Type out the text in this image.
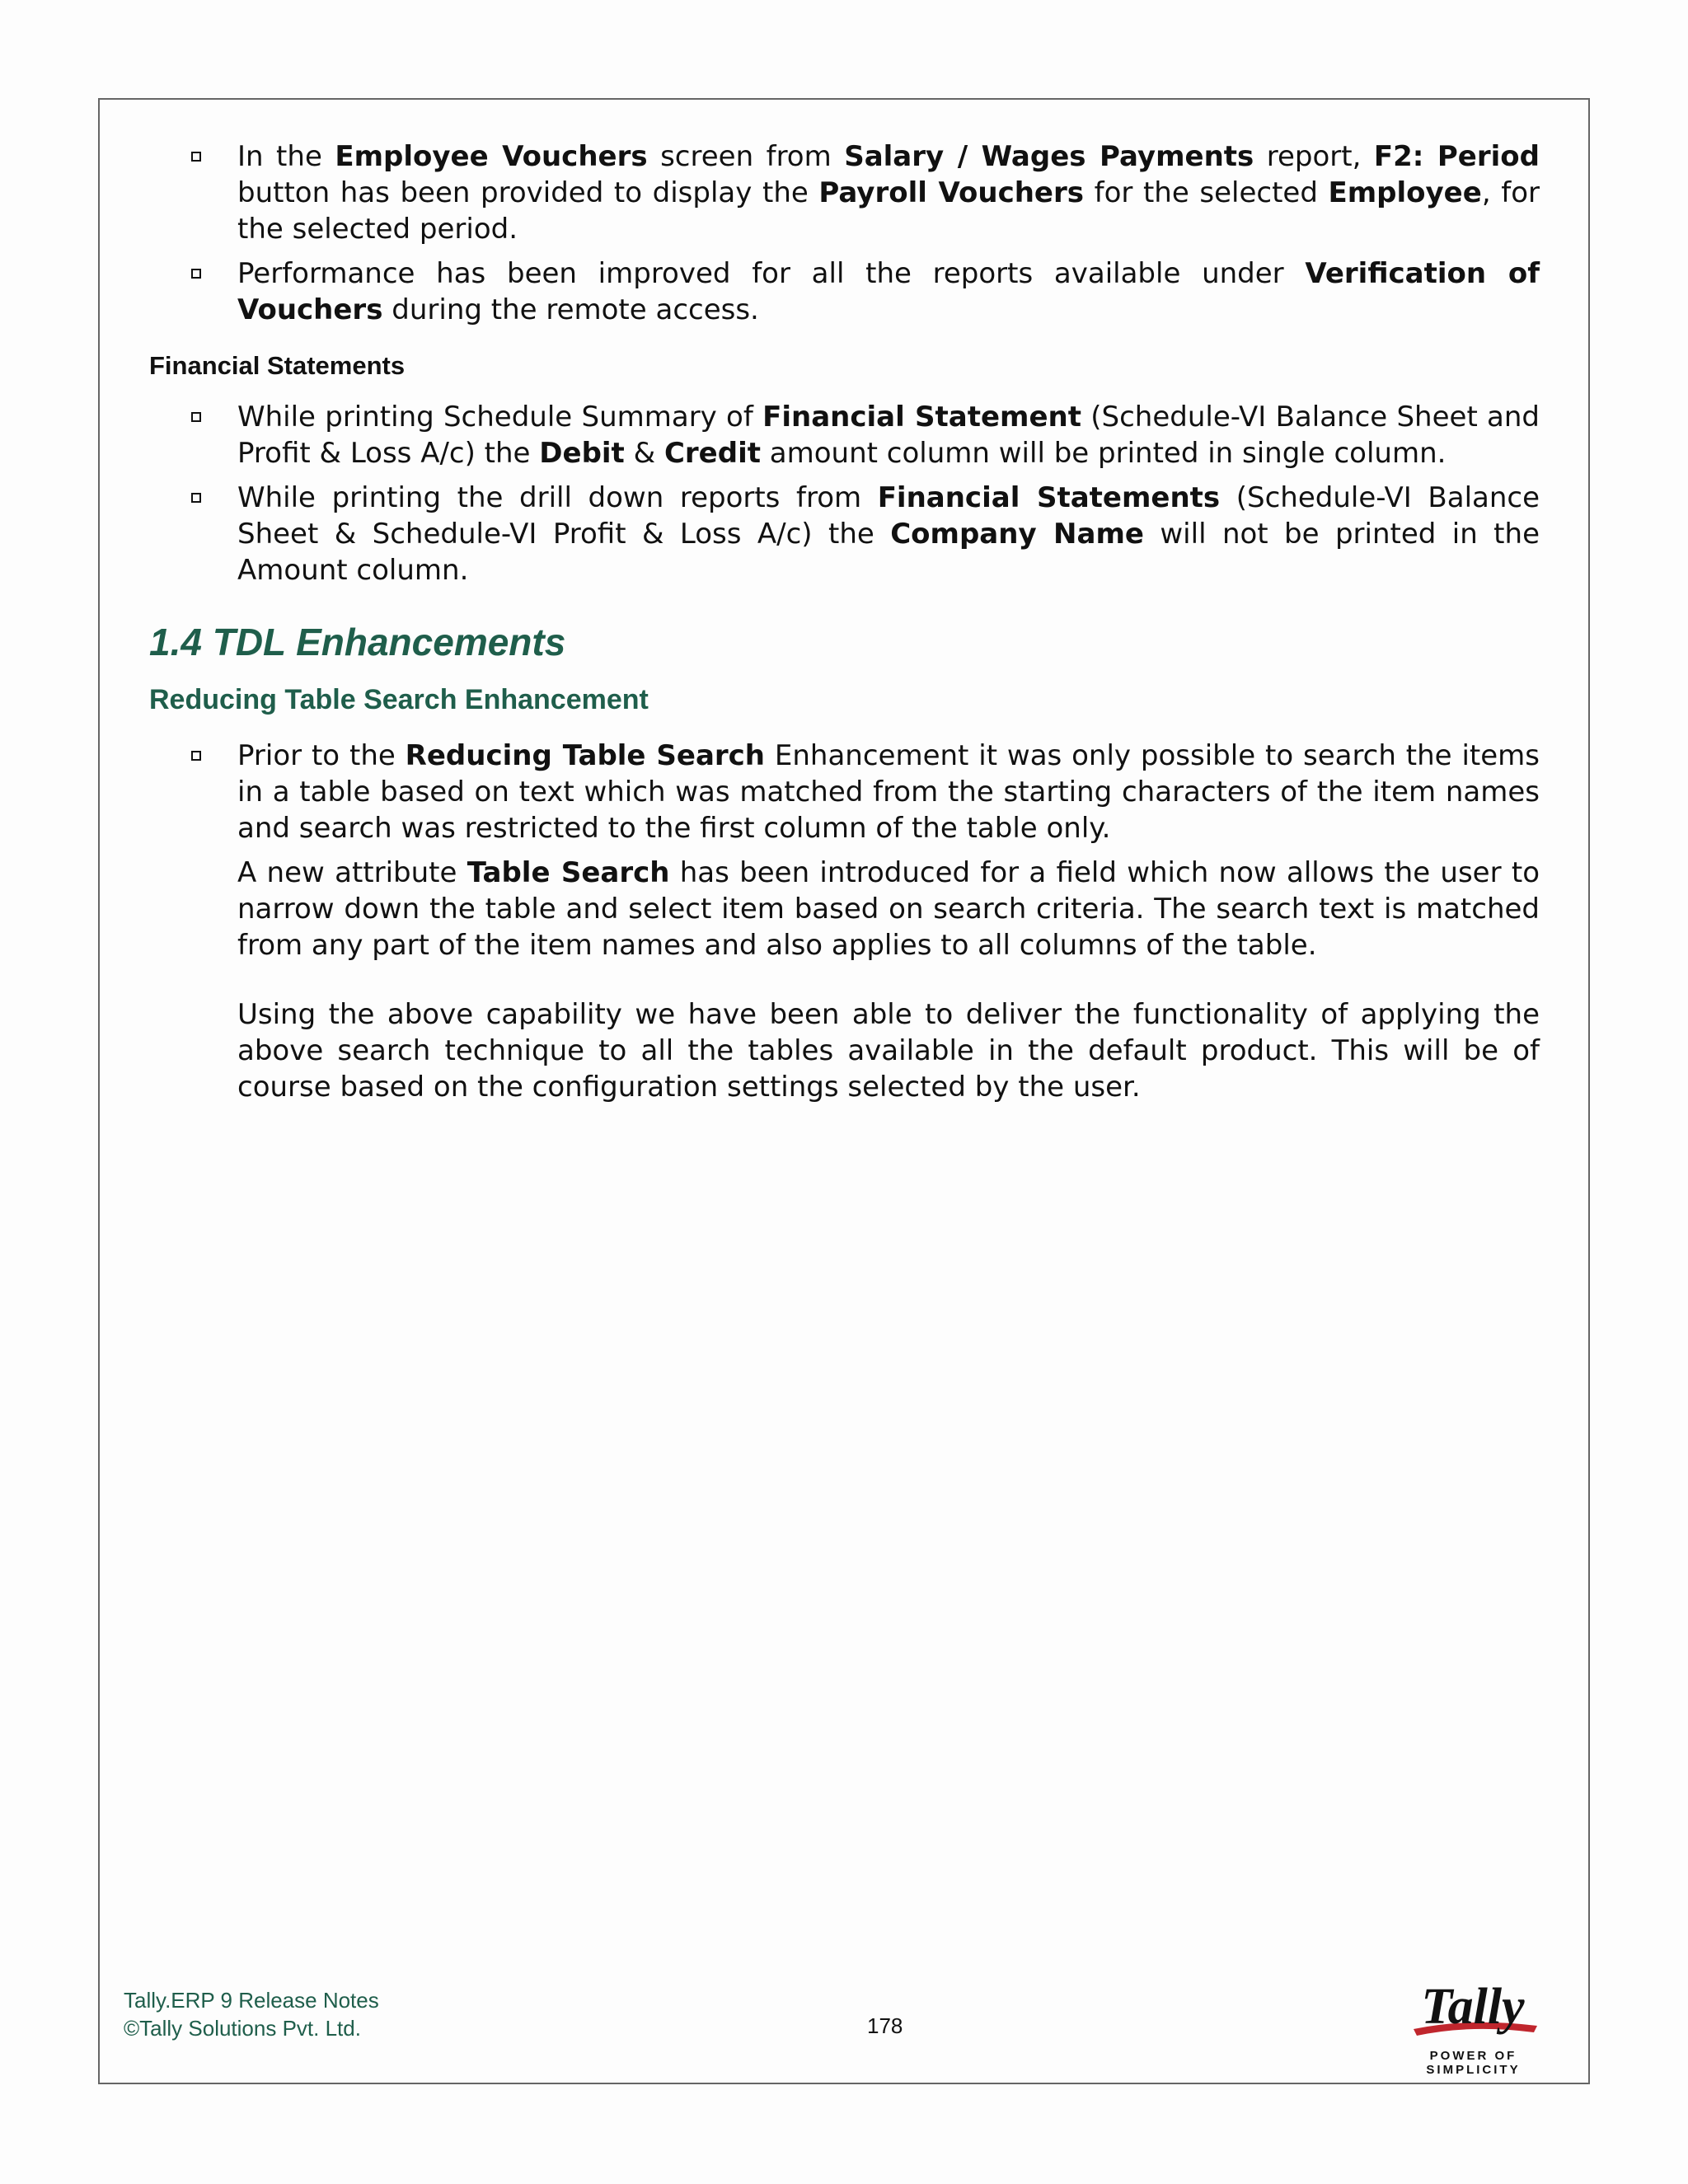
In the Employee Vouchers screen from Salary / Wages Payments report, F2: Period button has been provided to display the Payroll Vouchers for the selected Employee, for the selected period.
Performance has been improved for all the reports available under Verification of Vouchers during the remote access.
Financial Statements
While printing Schedule Summary of Financial Statement (Schedule-VI Balance Sheet and Profit & Loss A/c) the Debit & Credit amount column will be printed in single column.
While printing the drill down reports from Financial Statements (Schedule-VI Balance Sheet & Schedule-VI Profit & Loss A/c) the Company Name will not be printed in the Amount column.
1.4 TDL Enhancements
Reducing Table Search Enhancement
Prior to the Reducing Table Search Enhancement it was only possible to search the items in a table based on text which was matched from the starting characters of the item names and search was restricted to the first column of the table only.

A new attribute Table Search has been introduced for a field which now allows the user to narrow down the table and select item based on search criteria. The search text is matched from any part of the item names and also applies to all columns of the table.

Using the above capability we have been able to deliver the functionality of applying the above search technique to all the tables available in the default product. This will be of course based on the configuration settings selected by the user.

Tally.ERP 9 Release Notes
©Tally Solutions Pvt. Ltd.	178	Tally
POWER OF SIMPLICITY
